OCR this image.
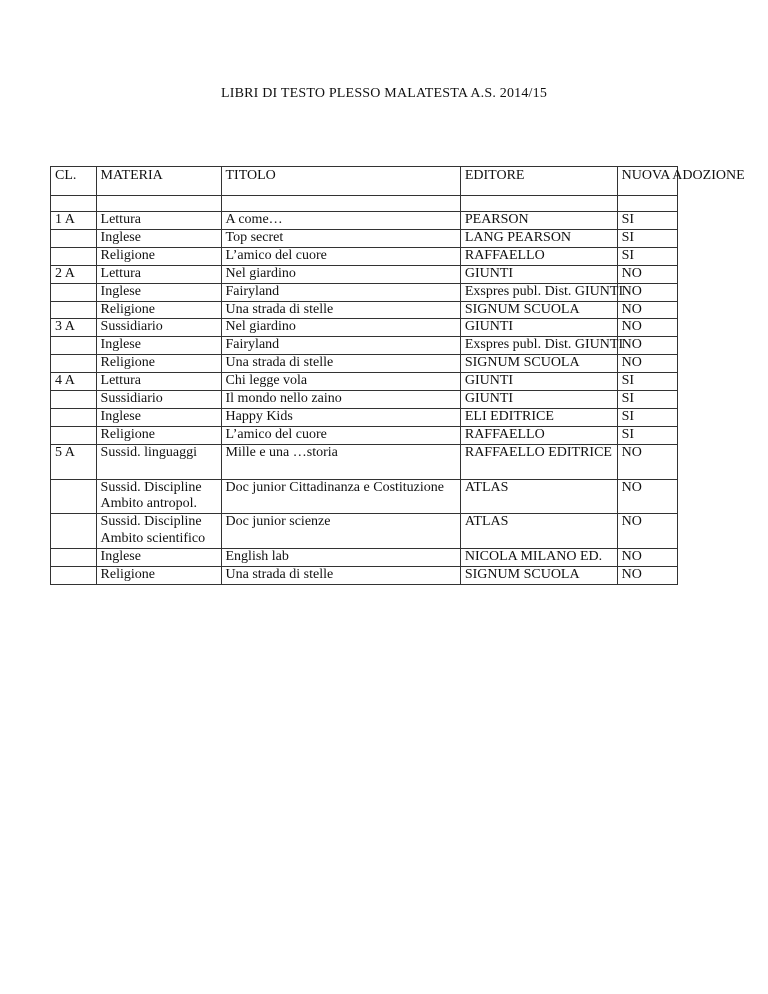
LIBRI DI TESTO PLESSO MALATESTA A.S. 2014/15
CL.	MATERIA	TITOLO	EDITORE	NUOVA ADOZIONE

1 A	Lettura	A come…	PEARSON	SI
	Inglese	Top secret	LANG PEARSON	SI
	Religione	L’amico del cuore	RAFFAELLO	SI
2 A	Lettura	Nel giardino	GIUNTI	NO
	Inglese	Fairyland	Exspres publ. Dist. GIUNTI	NO
	Religione	Una strada di stelle	SIGNUM SCUOLA	NO
3 A	Sussidiario	Nel giardino	GIUNTI	NO
	Inglese	Fairyland	Exspres publ. Dist. GIUNTI	NO
	Religione	Una strada di stelle	SIGNUM SCUOLA	NO
4 A	Lettura	Chi legge vola	GIUNTI	SI
	Sussidiario	Il mondo nello zaino	GIUNTI	SI
	Inglese	Happy Kids	ELI EDITRICE	SI
	Religione	L’amico del cuore	RAFFAELLO	SI
5 A	Sussid. linguaggi	Mille e una …storia	RAFFAELLO EDITRICE	NO
	Sussid. Discipline Ambito antropol.	Doc junior Cittadinanza e Costituzione	ATLAS	NO
	Sussid. Discipline Ambito scientifico	Doc junior scienze	ATLAS	NO
	Inglese	English lab	NICOLA MILANO ED.	NO
	Religione	Una strada di stelle	SIGNUM SCUOLA	NO
